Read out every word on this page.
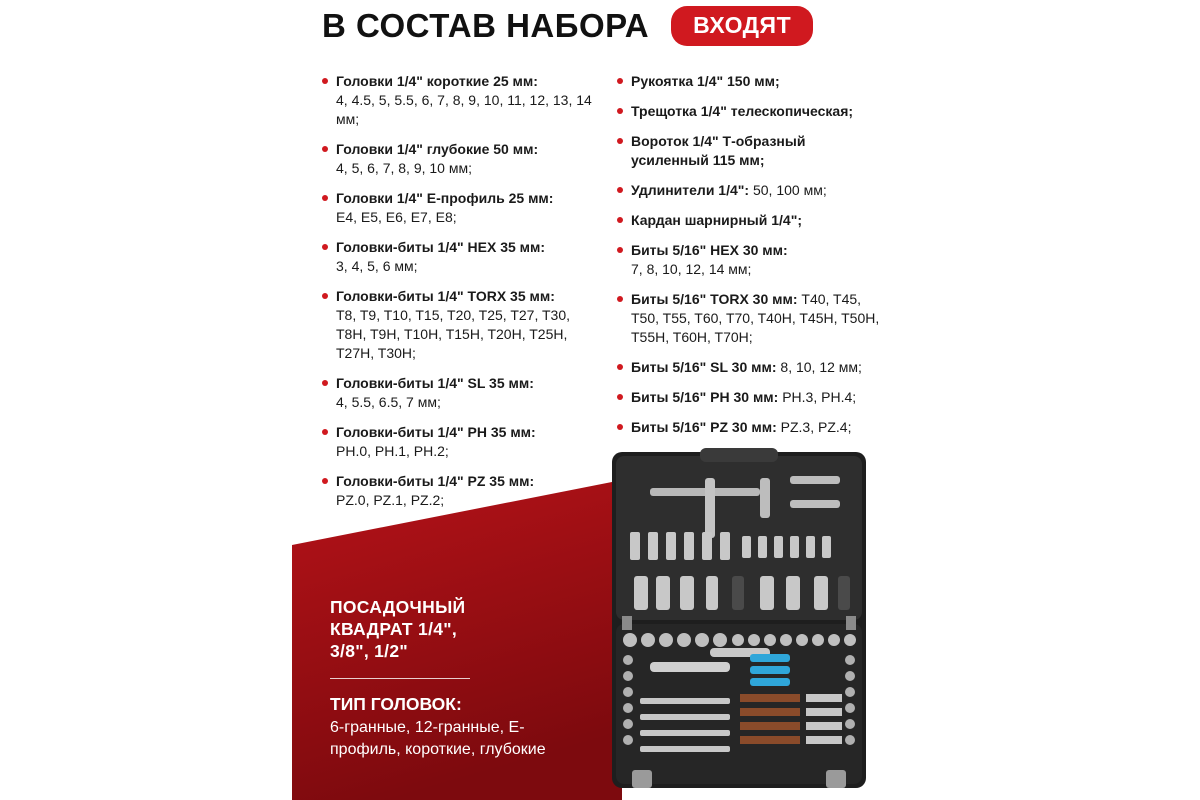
В СОСТАВ НАБОРА	ВХОДЯТ
Головки 1/4" короткие 25 мм:
4, 4.5, 5, 5.5, 6, 7, 8, 9, 10, 11, 12, 13, 14 мм;
Головки 1/4" глубокие 50 мм:
4, 5, 6, 7, 8, 9, 10 мм;
Головки 1/4" E-профиль 25 мм:
E4, E5, E6, E7, E8;
Головки-биты 1/4" HEX 35 мм:
3, 4, 5, 6 мм;
Головки-биты 1/4" TORX 35 мм:
T8, T9, T10, T15, T20, T25, T27, T30, T8H, T9H, T10H, T15H, T20H, T25H, T27H, T30H;
Головки-биты 1/4" SL 35 мм:
4, 5.5, 6.5, 7 мм;
Головки-биты 1/4" PH 35 мм:
PH.0, PH.1, PH.2;
Головки-биты 1/4" PZ 35 мм:
PZ.0, PZ.1, PZ.2;
Рукоятка 1/4" 150 мм;
Трещотка 1/4" телескопическая;
Вороток 1/4" Т-образный усиленный 115 мм;
Удлинители 1/4": 50, 100 мм;
Кардан шарнирный 1/4";
Биты 5/16" HEX 30 мм:
7, 8, 10, 12, 14 мм;
Биты 5/16" TORX 30 мм: T40, T45, T50, T55, T60, T70, T40H, T45H, T50H, T55H, T60H, T70H;
Биты 5/16" SL 30 мм: 8, 10, 12 мм;
Биты 5/16" PH 30 мм: PH.3, PH.4;
Биты 5/16" PZ 30 мм: PZ.3, PZ.4;
ПОСАДОЧНЫЙ КВАДРАТ 1/4", 3/8", 1/2"
ТИП ГОЛОВОК:
6-гранные, 12-гранные, E-профиль, короткие, глубокие
